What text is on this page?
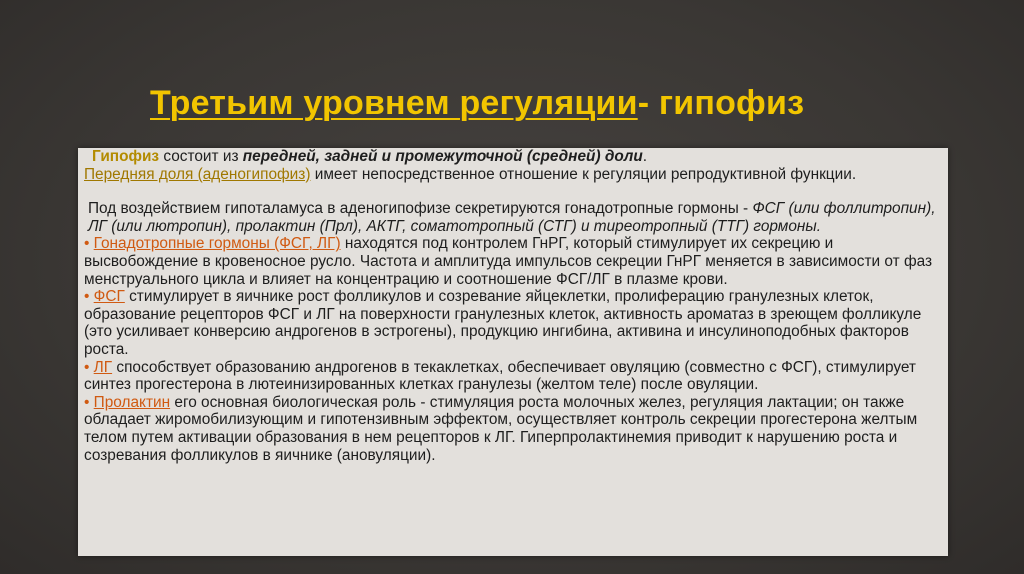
Третьим уровнем регуляции- гипофиз

Гипофиз состоит из передней, задней и промежуточной (средней) доли.

Передняя доля (аденогипофиз) имеет непосредственное отношение к регуляции репродуктивной функции.

Под воздействием гипоталамуса в аденогипофизе секретируются гонадотропные гормоны - ФСГ (или фоллитропин), ЛГ (или лютропин), пролактин (Прл), АКТГ, соматотропный (СТГ) и тиреотропный (ТТГ) гормоны.

• Гонадотропные гормоны (ФСГ, ЛГ) находятся под контролем ГнРГ, который стимулирует их секрецию и высвобождение в кровеносное русло. Частота и амплитуда импульсов секреции ГнРГ меняется в зависимости от фаз менструального цикла и влияет на концентрацию и соотношение ФСГ/ЛГ в плазме крови.

• ФСГ стимулирует в яичнике рост фолликулов и созревание яйцеклетки, пролиферацию гранулезных клеток, образование рецепторов ФСГ и ЛГ на поверхности гранулезных клеток, активность ароматаз в зреющем фолликуле (это усиливает конверсию андрогенов в эстрогены), продукцию ингибина, активина и инсулиноподобных факторов роста.

• ЛГ способствует образованию андрогенов в текаклетках, обеспечивает овуляцию (совместно с ФСГ), стимулирует синтез прогестерона в лютеинизированных клетках гранулезы (желтом теле) после овуляции.

• Пролактин его основная биологическая роль - стимуляция роста молочных желез, регуляция лактации; он также обладает жиромобилизующим и гипотензивным эффектом, осуществляет контроль секреции прогестерона желтым телом путем активации образования в нем рецепторов к ЛГ. Гиперпролактинемия приводит к нарушению роста и созревания фолликулов в яичнике (ановуляции).
